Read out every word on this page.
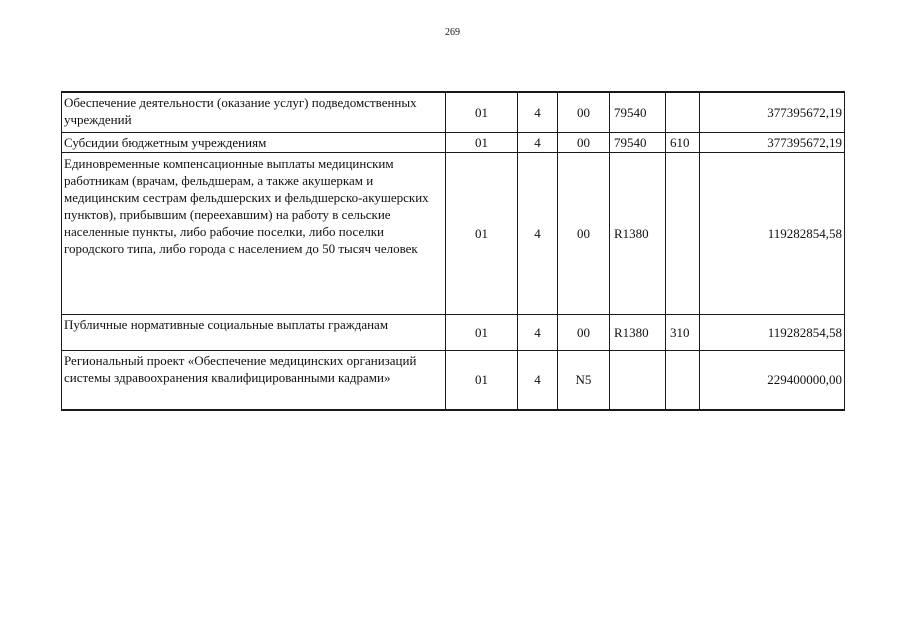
269
Обеспечение деятельности (оказание услуг) подведомственных учреждений	01	4	00	79540		377395672,19
Субсидии бюджетным учреждениям	01	4	00	79540	610	377395672,19
Единовременные компенсационные выплаты медицинским работникам (врачам, фельдшерам, а также акушеркам и медицинским сестрам фельдшерских и фельдшерско-акушерских пунктов), прибывшим (переехавшим) на работу в сельские населенные пункты, либо рабочие поселки, либо поселки городского типа, либо города с населением до 50 тысяч человек	01	4	00	R1380		119282854,58
Публичные нормативные социальные выплаты гражданам	01	4	00	R1380	310	119282854,58
Региональный проект «Обеспечение медицинских организаций системы здравоохранения квалифицированными кадрами»	01	4	N5			229400000,00
